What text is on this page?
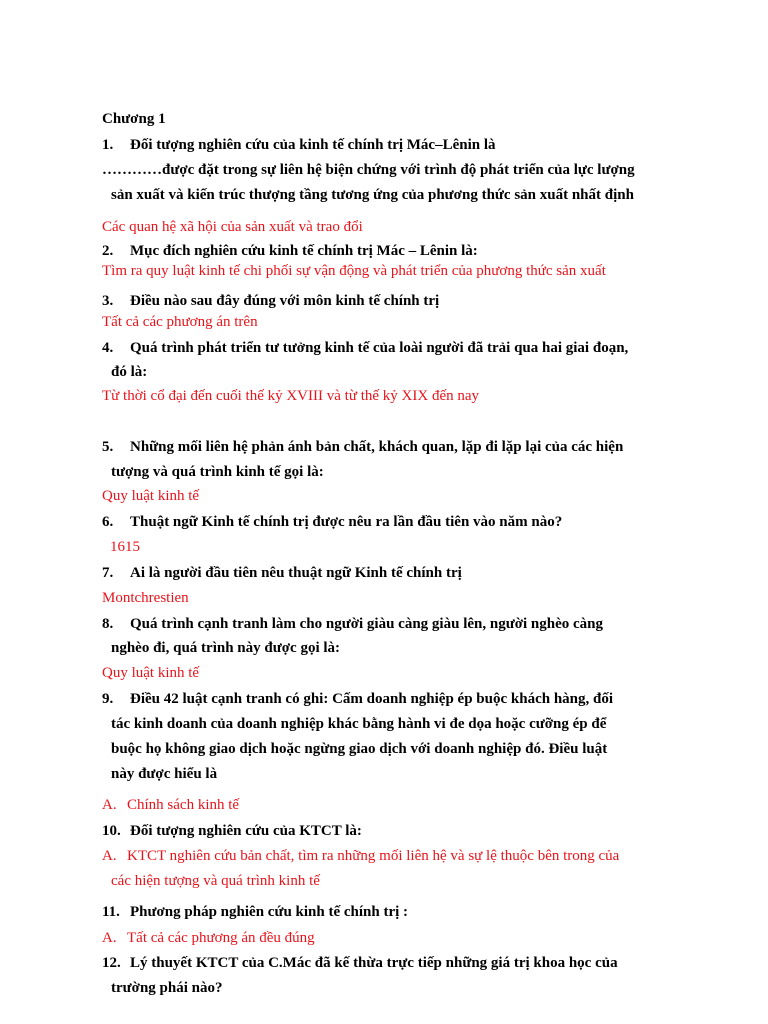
Chương 1
1. Đối tượng nghiên cứu của kinh tế chính trị Mác–Lênin là
…………được đặt trong sự liên hệ biện chứng với trình độ phát triển của lực lượng
sản xuất và kiến trúc thượng tầng tương ứng của phương thức sản xuất nhất định
Các quan hệ xã hội của sản xuất và trao đổi
2. Mục đích nghiên cứu kinh tế chính trị Mác – Lênin là:
Tìm ra quy luật kinh tế chi phối sự vận động và phát triển của phương thức sản xuất
3. Điều nào sau đây đúng với môn kinh tế chính trị
Tất cả các phương án trên
4. Quá trình phát triển tư tưởng kinh tế của loài người đã trải qua hai giai đoạn,
đó là:
Từ thời cổ đại đến cuối thế kỷ XVIII và từ thế kỷ XIX đến nay
5. Những mối liên hệ phản ánh bản chất, khách quan, lặp đi lặp lại của các hiện
tượng và quá trình kinh tế gọi là:
Quy luật kinh tế
6. Thuật ngữ Kinh tế chính trị được nêu ra lần đầu tiên vào năm nào?
1615
7. Ai là người đầu tiên nêu thuật ngữ Kinh tế chính trị
Montchrestien
8. Quá trình cạnh tranh làm cho người giàu càng giàu lên, người nghèo càng
nghèo đi, quá trình này được gọi là:
Quy luật kinh tế
9. Điều 42 luật cạnh tranh có ghi: Cấm doanh nghiệp ép buộc khách hàng, đối
tác kinh doanh của doanh nghiệp khác bằng hành vi đe dọa hoặc cưỡng ép để
buộc họ không giao dịch hoặc ngừng giao dịch với doanh nghiệp đó. Điều luật
này được hiểu là
A. Chính sách kinh tế
10. Đối tượng nghiên cứu của KTCT là:
A. KTCT nghiên cứu bản chất, tìm ra những mối liên hệ và sự lệ thuộc bên trong của
các hiện tượng và quá trình kinh tế
11. Phương pháp nghiên cứu kinh tế chính trị :
A. Tất cả các phương án đều đúng
12. Lý thuyết KTCT của C.Mác đã kế thừa trực tiếp những giá trị khoa học của
trường phái nào?
